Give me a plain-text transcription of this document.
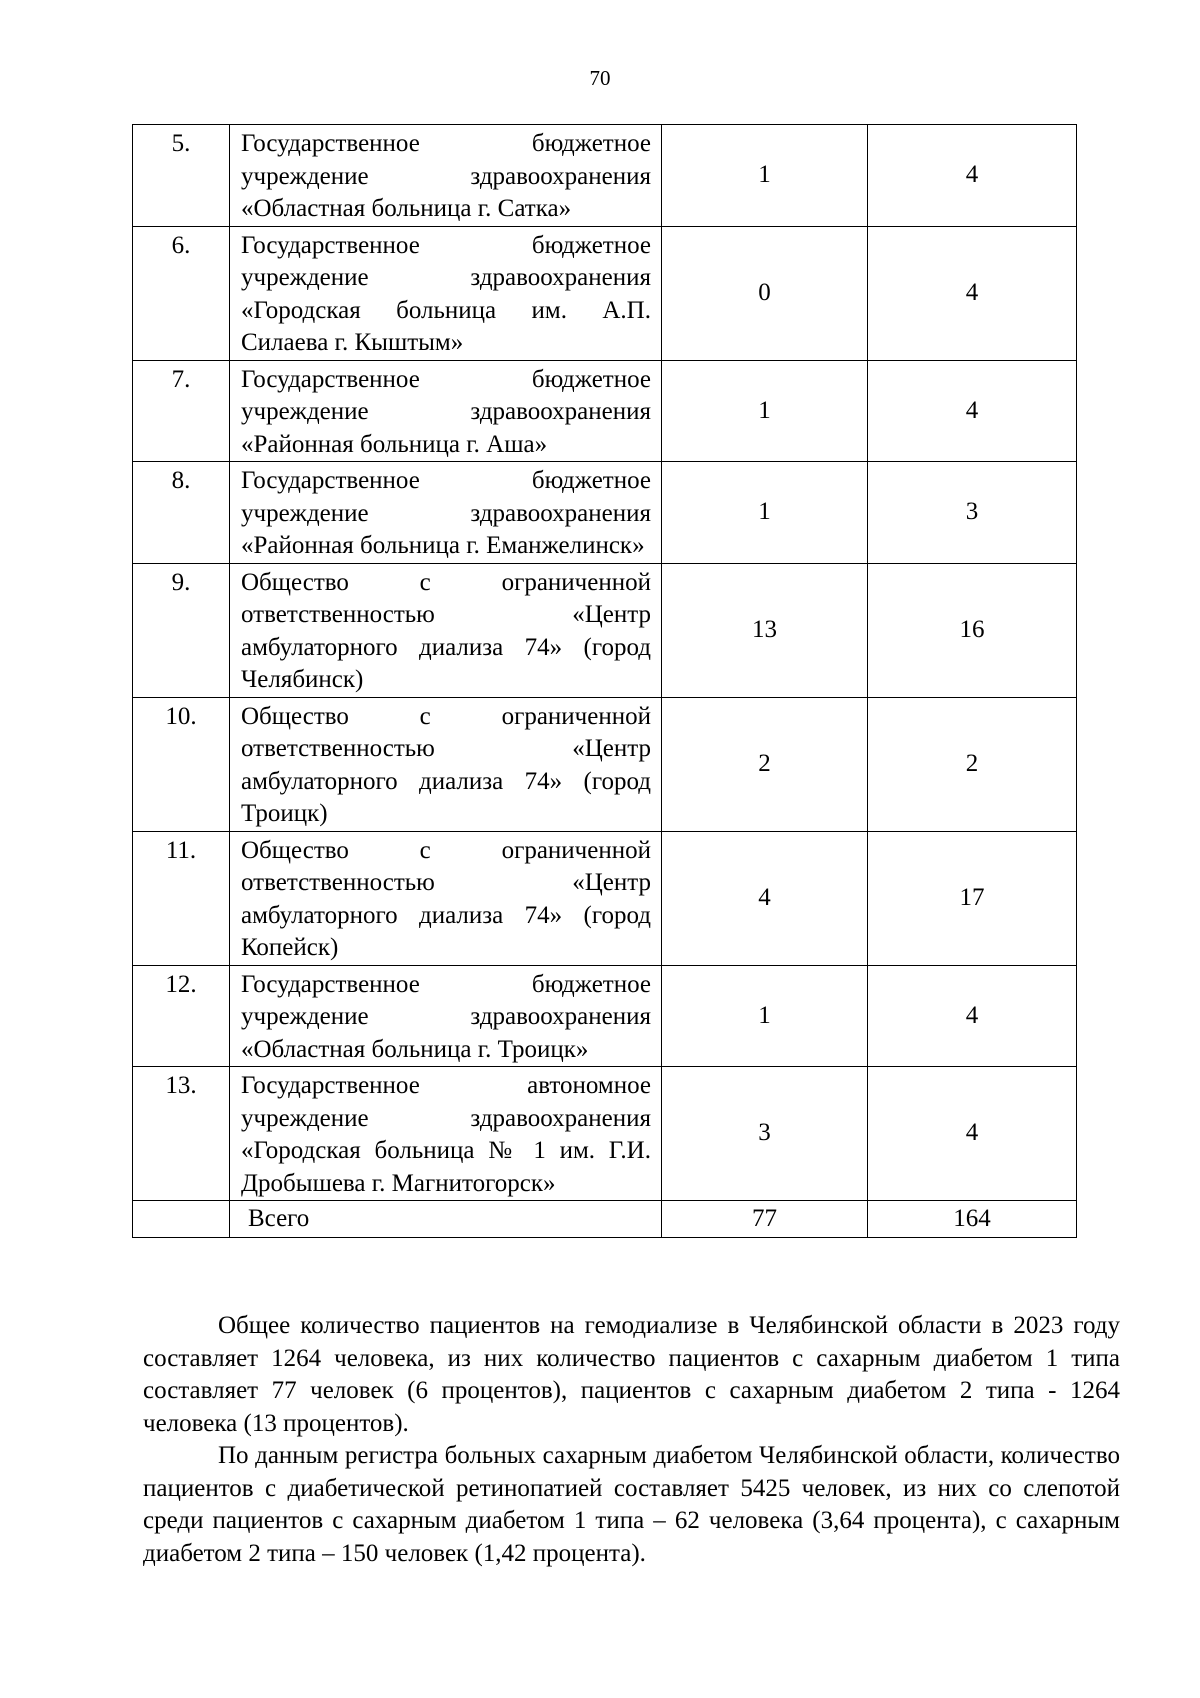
70
5.	Государственное бюджетное учреждение здравоохранения «Областная больница г. Сатка»	1	4
6.	Государственное бюджетное учреждение здравоохранения «Городская больница им. А.П. Силаева г. Кыштым»	0	4
7.	Государственное бюджетное учреждение здравоохранения «Районная больница г. Аша»	1	4
8.	Государственное бюджетное учреждение здравоохранения «Районная больница г. Еманжелинск»	1	3
9.	Общество с ограниченной ответственностью «Центр амбулаторного диализа 74» (город Челябинск)	13	16
10.	Общество с ограниченной ответственностью «Центр амбулаторного диализа 74» (город Троицк)	2	2
11.	Общество с ограниченной ответственностью «Центр амбулаторного диализа 74» (город Копейск)	4	17
12.	Государственное бюджетное учреждение здравоохранения «Областная больница г. Троицк»	1	4
13.	Государственное автономное учреждение здравоохранения «Городская больница № 1 им. Г.И. Дробышева г. Магнитогорск»	3	4
	Всего	77	164

Общее количество пациентов на гемодиализе в Челябинской области в 2023 году составляет 1264 человека, из них количество пациентов с сахарным диабетом 1 типа составляет 77 человек (6 процентов), пациентов с сахарным диабетом 2 типа - 1264 человека (13 процентов).

По данным регистра больных сахарным диабетом Челябинской области, количество пациентов с диабетической ретинопатией составляет 5425 человек, из них со слепотой среди пациентов с сахарным диабетом 1 типа – 62 человека (3,64 процента), с сахарным диабетом 2 типа – 150 человек (1,42 процента).
